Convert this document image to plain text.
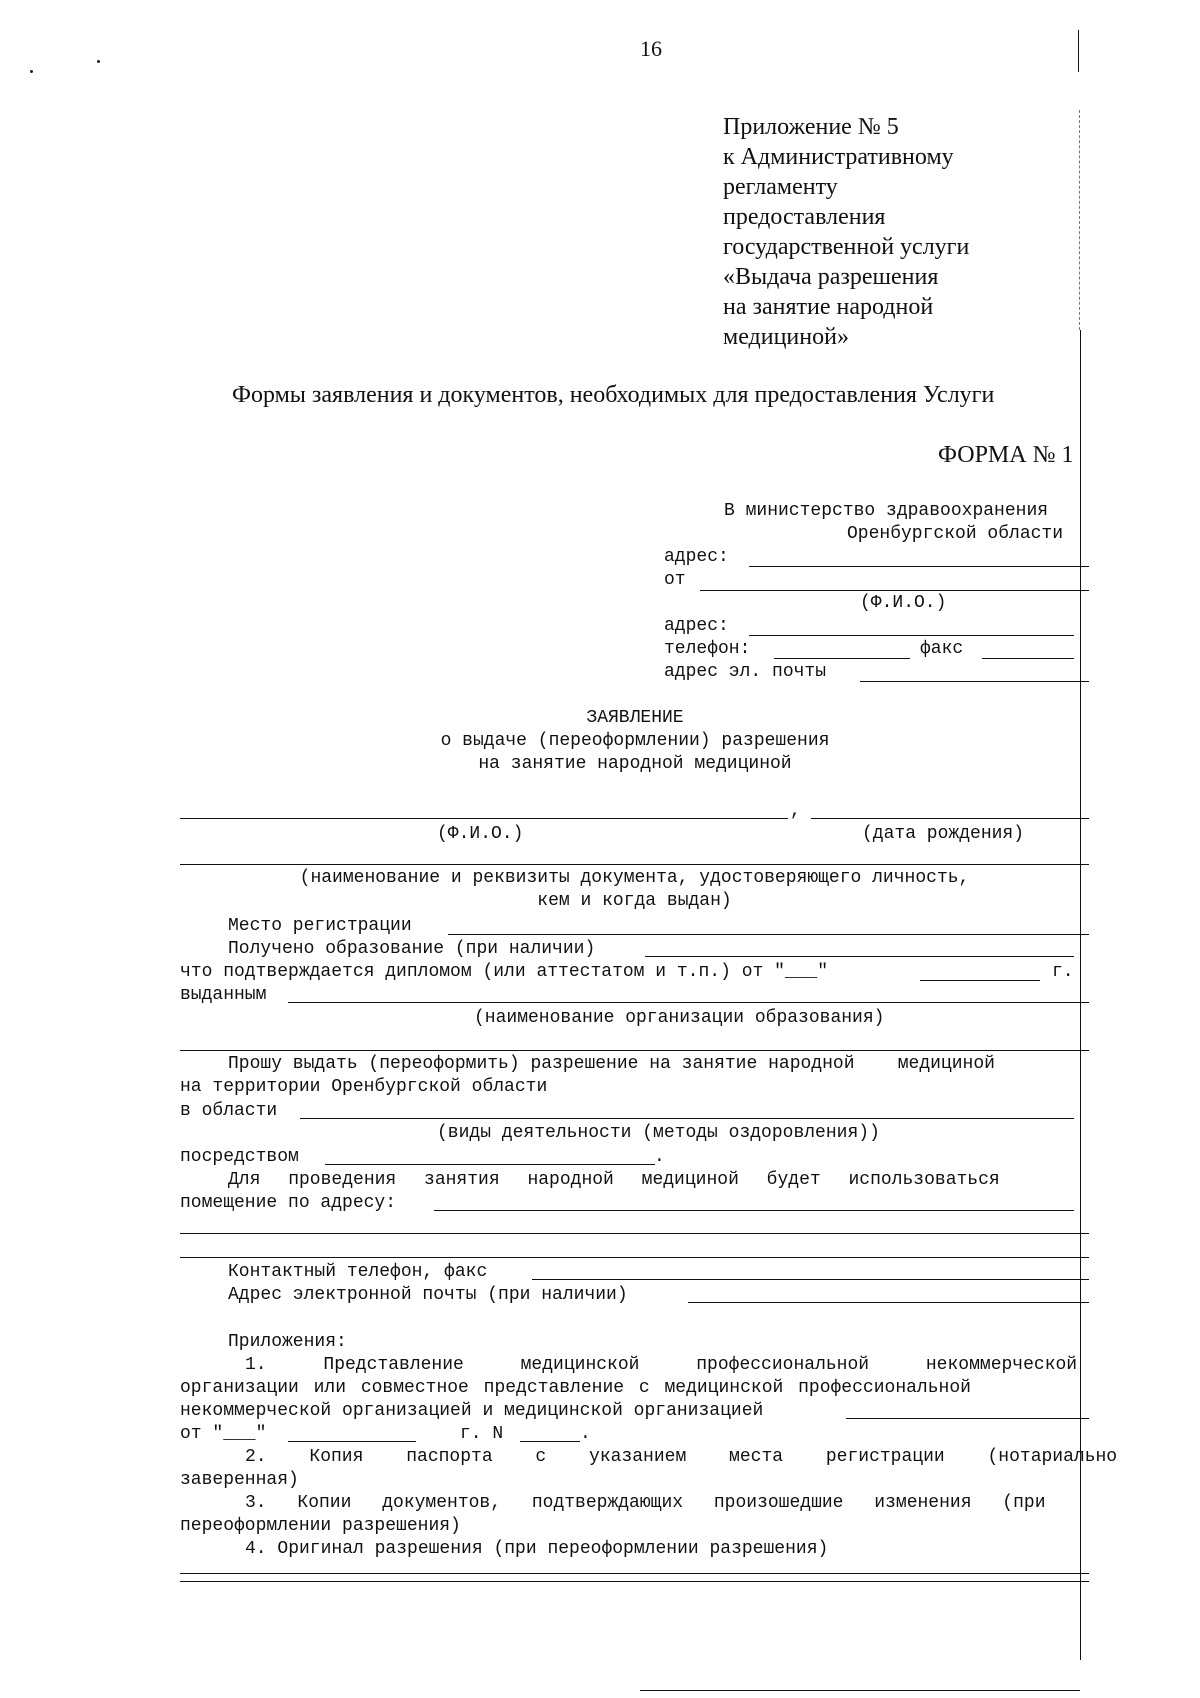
16
Приложение № 5
к Административному
регламенту
предоставления
государственной услуги
«Выдача разрешения
на занятие народной
медициной»
Формы заявления и документов, необходимых для предоставления Услуги
ФОРМА № 1
В министерство здравоохранения
Оренбургской области
адрес:
от
(Ф.И.О.)
адрес:
телефон:	факс
адрес эл. почты
ЗАЯВЛЕНИЕ
о выдаче (переоформлении) разрешения
на занятие народной медициной
,
(Ф.И.О.)	(дата рождения)
(наименование и реквизиты документа, удостоверяющего личность,
кем и когда выдан)
Место регистрации
Получено образование (при наличии)
что подтверждается дипломом (или аттестатом и т.п.) от "___"	г.
выданным
(наименование организации образования)
Прошу выдать (переоформить) разрешение на занятие народной    медициной
на территории Оренбургской области
в области
(виды деятельности (методы оздоровления))
посредством	.
Для проведения занятия народной медициной будет использоваться
помещение по адресу:
Контактный телефон, факс
Адрес электронной почты (при наличии)
Приложения:
1. Представление медицинской профессиональной некоммерческой
организации или совместное представление с медицинской профессиональной
некоммерческой организацией и медицинской организацией
от "___"	г. N	.
2. Копия паспорта с указанием места регистрации (нотариально
заверенная)
3. Копии документов, подтверждающих произошедшие изменения (при
переоформлении разрешения)
4. Оригинал разрешения (при переоформлении разрешения)
